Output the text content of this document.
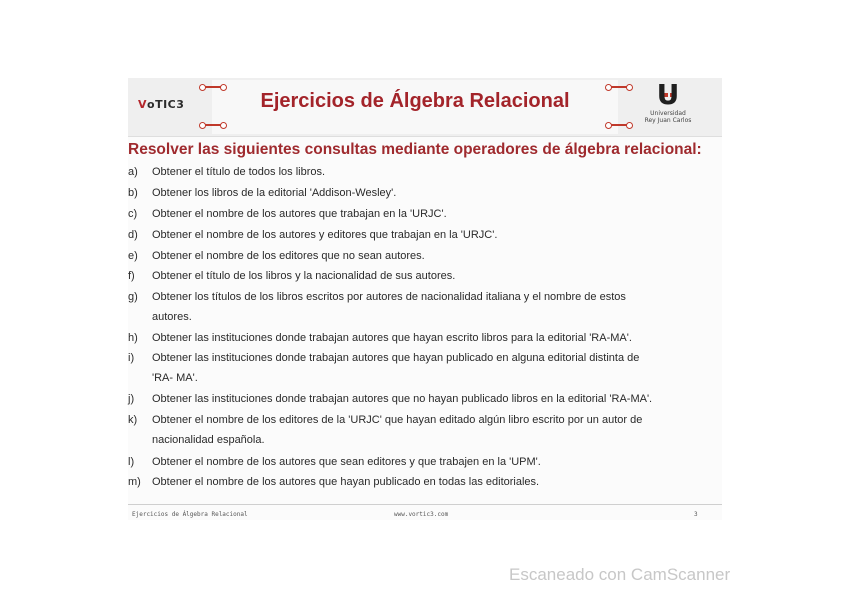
V o TIC3	Ejercicios de Álgebra Relacional	U
Universidad
Rey Juan Carlos
Resolver las siguientes consultas mediante operadores de álgebra relacional:
a) Obtener el título de todos los libros.
b) Obtener los libros de la editorial 'Addison-Wesley'.
c) Obtener el nombre de los autores que trabajan en la 'URJC'.
d) Obtener el nombre de los autores y editores que trabajan en la 'URJC'.
e) Obtener el nombre de los editores que no sean autores.
f) Obtener el título de los libros y la nacionalidad de sus autores.
g) Obtener los títulos de los libros escritos por autores de nacionalidad italiana y el nombre de estos
autores.
h) Obtener las instituciones donde trabajan autores que hayan escrito libros para la editorial 'RA-MA'.
i) Obtener las instituciones donde trabajan autores que hayan publicado en alguna editorial distinta de
'RA- MA'.
j) Obtener las instituciones donde trabajan autores que no hayan publicado libros en la editorial 'RA-MA'.
k) Obtener el nombre de los editores de la 'URJC' que hayan editado algún libro escrito por un autor de
nacionalidad española.
l) Obtener el nombre de los autores que sean editores y que trabajen en la 'UPM'.
m) Obtener el nombre de los autores que hayan publicado en todas las editoriales.
Ejercicios de Álgebra Relacional	www.vortic3.com	3
Escaneado con CamScanner
